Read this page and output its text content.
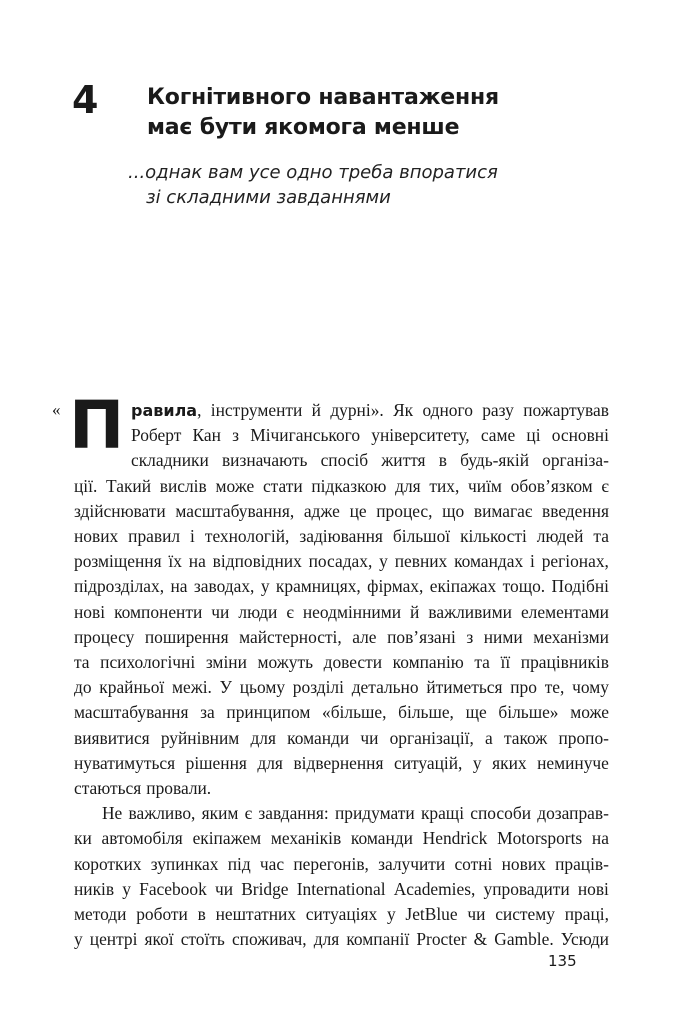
4 Когнітивного навантаження
має бути якомога менше

...однак вам усе одно треба впоратися
зі складними завданнями

« П равила, інструменти й дурні». Як одного разу пожартував
Роберт Кан з Мічиганського університету, саме ці основні
складники визначають спосіб життя в будь-якій організа-
ції. Такий вислів може стати підказкою для тих, чиїм обов’язком є
здійснювати масштабування, адже це процес, що вимагає введення
нових правил і технологій, задіювання більшої кількості людей та
розміщення їх на відповідних посадах, у певних командах і регіонах,
підрозділах, на заводах, у крамницях, фірмах, екіпажах тощо. Подібні
нові компоненти чи люди є неодмінними й важливими елементами
процесу поширення майстерності, але пов’язані з ними механізми
та психологічні зміни можуть довести компанію та її працівників
до крайньої межі. У цьому розділі детально йтиметься про те, чому
масштабування за принципом «більше, більше, ще більше» може
виявитися руйнівним для команди чи організації, а також пропо-
нуватимуться рішення для відвернення ситуацій, у яких неминуче
стаються провали.
Не важливо, яким є завдання: придумати кращі способи дозаправ-
ки автомобіля екіпажем механіків команди Hendrick Motorsports на
коротких зупинках під час перегонів, залучити сотні нових праців-
ників у Facebook чи Bridge International Academies, упровадити нові
методи роботи в нештатних ситуаціях у JetBlue чи систему праці,
у центрі якої стоїть споживач, для компанії Procter & Gamble. Усюди
135
